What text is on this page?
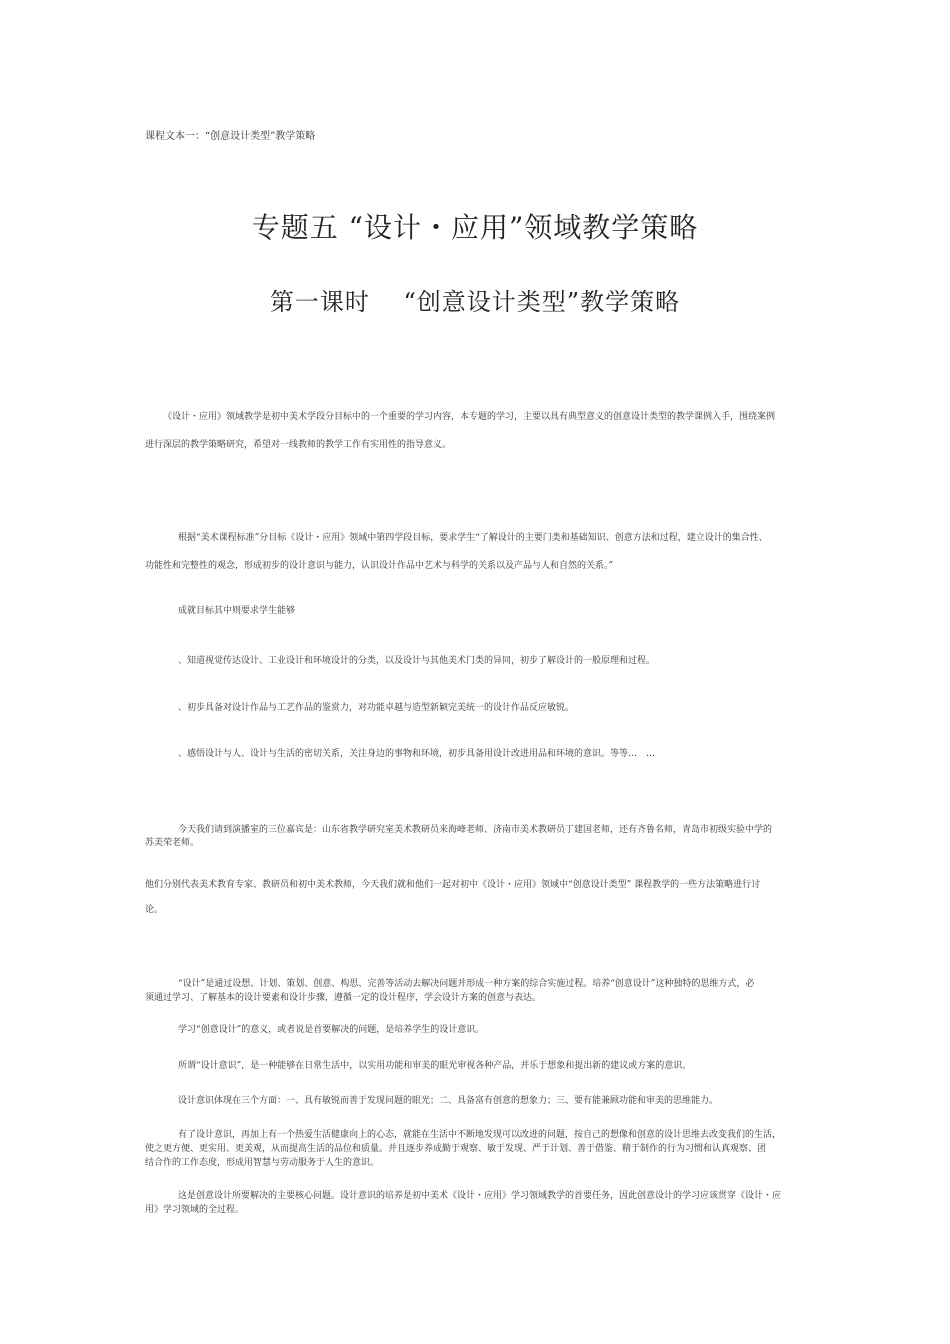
课程文本一：“创意设计类型”教学策略

专题五 “设计・应用”领域教学策略
第一课时　 “创意设计类型”教学策略

《设计・应用》领域教学是初中美术学段分目标中的一个重要的学习内容，本专题的学习，主要以具有典型意义的创意设计类型的教学课例入手，围绕案例

进行深层的教学策略研究，希望对一线教师的教学工作有实用性的指导意义。

根据“美术课程标准”分目标《设计・应用》领域中第四学段目标，要求学生“了解设计的主要门类和基础知识、创意方法和过程，建立设计的集合性、

功能性和完整性的观念，形成初步的设计意识与能力，认识设计作品中艺术与科学的关系以及产品与人和自然的关系。”

成就目标其中则要求学生能够

、知道视觉传达设计、工业设计和环境设计的分类，以及设计与其他美术门类的异同，初步了解设计的一般原理和过程。

、初步具备对设计作品与工艺作品的鉴赏力，对功能卓越与造型新颖完美统一的设计作品反应敏锐。

、感悟设计与人、设计与生活的密切关系，关注身边的事物和环境，初步具备用设计改进用品和环境的意识。等等…　…

今天我们请到演播室的三位嘉宾是：山东省教学研究室美术教研员来海峰老师、济南市美术教研员丁建国老师，还有齐鲁名师，青岛市初级实验中学的

苏美荣老师。

他们分别代表美术教育专家、教研员和初中美术教师，今天我们就和他们一起对初中《设计・应用》领域中“创意设计类型” 课程教学的一些方法策略进行讨

论。

“设计”是通过设想、计划、策划、创意、构思、完善等活动去解决问题并形成一种方案的综合实施过程。培养“创意设计”这种独特的思维方式，必

须通过学习、了解基本的设计要素和设计步骤，遵循一定的设计程序，学会设计方案的创意与表达。

学习“创意设计”的意义，或者说是首要解决的问题，是培养学生的设计意识。

所谓“设计意识”，是一种能够在日常生活中，以实用功能和审美的眼光审视各种产品，并乐于想象和提出新的建议或方案的意识。

设计意识体现在三个方面：一、具有敏锐而善于发现问题的眼光；二、具备富有创意的想象力；三、要有能兼顾功能和审美的思维能力。

有了设计意识，再加上有一个热爱生活健康向上的心态，就能在生活中不断地发现可以改进的问题，按自己的想像和创意的设计思维去改变我们的生活，

使之更方便、更实用、更美观，从而提高生活的品位和质量。并且逐步养成勤于观察、敏于发现、严于计划、善于借鉴、精于制作的行为习惯和认真观察、团

结合作的工作态度，形成用智慧与劳动服务于人生的意识。

这是创意设计所要解决的主要核心问题。设计意识的培养是初中美术《设计・应用》学习领域教学的首要任务，因此创意设计的学习应该贯穿《设计・应

用》学习领域的全过程。
